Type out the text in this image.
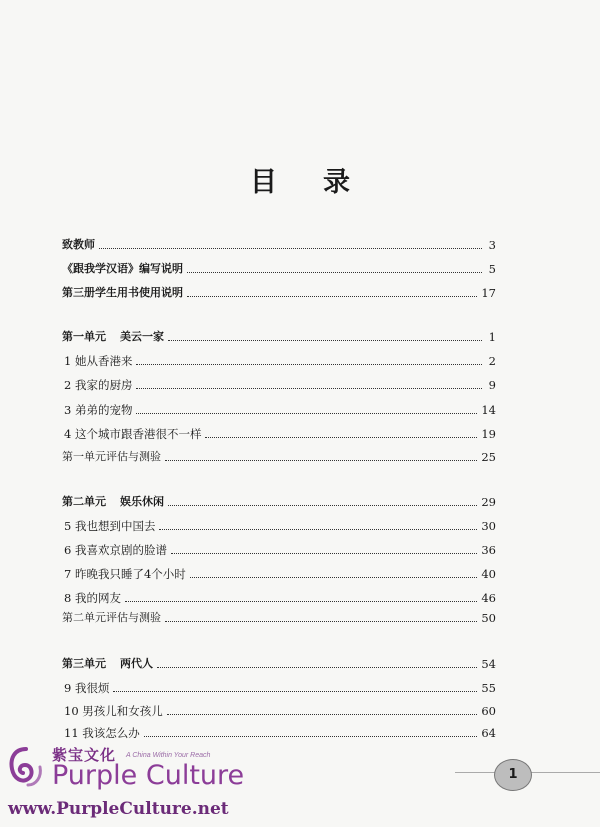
目 录
致教师	3
《跟我学汉语》编写说明	5
第三册学生用书使用说明	17
第一单元 美云一家	1
1 她从香港来	2
2 我家的厨房	9
3 弟弟的宠物	14
4 这个城市跟香港很不一样	19
第一单元评估与测验	25
第二单元 娱乐休闲	29
5 我也想到中国去	30
6 我喜欢京剧的脸谱	36
7 昨晚我只睡了4个小时	40
8 我的网友	46
第二单元评估与测验	50
第三单元 两代人	54
9 我很烦	55
10 男孩儿和女孩儿	60
11 我该怎么办	64
1
紫宝文化 A China Within Your Reach
Purple Culture
www.PurpleCulture.net
